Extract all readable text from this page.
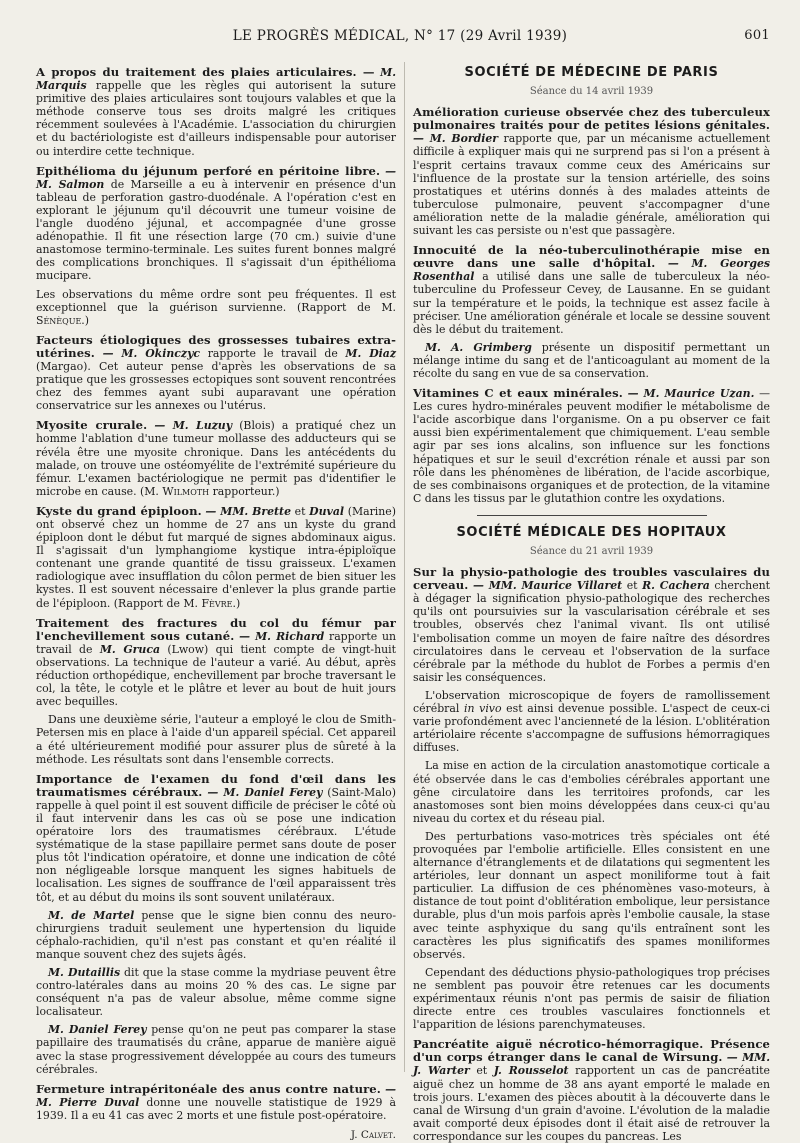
LE PROGRÈS MÉDICAL, N° 17 (29 Avril 1939)	601

A propos du traitement des plaies articulaires. — M. Marquis rappelle que les règles qui autorisent la suture primitive des plaies articulaires sont toujours valables et que la méthode conserve tous ses droits malgré les critiques récemment soulevées à l'Académie. L'association du chirurgien et du bactériologiste est d'ailleurs indispensable pour autoriser ou interdire cette technique.

Epithélioma du jéjunum perforé en péritoine libre. — M. Salmon de Marseille a eu à intervenir en présence d'un tableau de perforation gastro-duodénale. A l'opération c'est en explorant le jéjunum qu'il découvrit une tumeur voisine de l'angle duodéno jéjunal, et accompagnée d'une grosse adénopathie. Il fit une résection large (70 cm.) suivie d'une anastomose termino-terminale. Les suites furent bonnes malgré des complications bronchiques. Il s'agissait d'un épithélioma mucipare.

Les observations du même ordre sont peu fréquentes. Il est exceptionnel que la guérison survienne. (Rapport de M. Sénèque.)

Facteurs étiologiques des grossesses tubaires extra-utérines. — M. Okinczyc rapporte le travail de M. Diaz (Margao). Cet auteur pense d'après les observations de sa pratique que les grossesses ectopiques sont souvent rencontrées chez des femmes ayant subi auparavant une opération conservatrice sur les annexes ou l'utérus.

Myosite crurale. — M. Luzuy (Blois) a pratiqué chez un homme l'ablation d'une tumeur mollasse des adducteurs qui se révéla être une myosite chronique. Dans les antécédents du malade, on trouve une ostéomyélite de l'extrémité supérieure du fémur. L'examen bactériologique ne permit pas d'identifier le microbe en cause. (M. Wilmoth rapporteur.)

Kyste du grand épiploon. — MM. Brette et Duval (Marine) ont observé chez un homme de 27 ans un kyste du grand épiploon dont le début fut marqué de signes abdominaux aigus. Il s'agissait d'un lymphangiome kystique intra-épiploïque contenant une grande quantité de tissu graisseux. L'examen radiologique avec insufflation du côlon permet de bien situer les kystes. Il est souvent nécessaire d'enlever la plus grande partie de l'épiploon. (Rapport de M. Fèvre.)

Traitement des fractures du col du fémur par l'enchevillement sous cutané. — M. Richard rapporte un travail de M. Gruca (Lwow) qui tient compte de vingt-huit observations. La technique de l'auteur a varié. Au début, après réduction orthopédique, enchevillement par broche traversant le col, la tête, le cotyle et le plâtre et lever au bout de huit jours avec bequilles.

Dans une deuxième série, l'auteur a employé le clou de Smith-Petersen mis en place à l'aide d'un appareil spécial. Cet appareil a été ultérieurement modifié pour assurer plus de sûreté à la méthode. Les résultats sont dans l'ensemble corrects.

Importance de l'examen du fond d'œil dans les traumatismes cérébraux. — M. Daniel Ferey (Saint-Malo) rappelle à quel point il est souvent difficile de préciser le côté où il faut intervenir dans les cas où se pose une indication opératoire lors des traumatismes cérébraux. L'étude systématique de la stase papillaire permet sans doute de poser plus tôt l'indication opératoire, et donne une indication de côté non négligeable lorsque manquent les signes habituels de localisation. Les signes de souffrance de l'œil apparaissent très tôt, et au début du moins ils sont souvent unilatéraux.

M. de Martel pense que le signe bien connu des neuro-chirurgiens traduit seulement une hypertension du liquide céphalo-rachidien, qu'il n'est pas constant et qu'en réalité il manque souvent chez des sujets âgés.

M. Dutaillis dit que la stase comme la mydriase peuvent être contro-latérales dans au moins 20 % des cas. Le signe par conséquent n'a pas de valeur absolue, même comme signe localisateur.

M. Daniel Ferey pense qu'on ne peut pas comparer la stase papillaire des traumatisés du crâne, apparue de manière aiguë avec la stase progressivement développée au cours des tumeurs cérébrales.

Fermeture intrapéritonéale des anus contre nature. — M. Pierre Duval donne une nouvelle statistique de 1929 à 1939. Il a eu 41 cas avec 2 morts et une fistule post-opératoire.

J. Calvet.
SOCIÉTÉ DE MÉDECINE DE PARIS
Séance du 14 avril 1939

Amélioration curieuse observée chez des tuberculeux pulmonaires traités pour de petites lésions génitales. — M. Bordier rapporte que, par un mécanisme actuellement difficile à expliquer mais qui ne surprend pas si l'on a présent à l'esprit certains travaux comme ceux des Américains sur l'influence de la prostate sur la tension artérielle, des soins prostatiques et utérins donnés à des malades atteints de tuberculose pulmonaire, peuvent s'accompagner d'une amélioration nette de la maladie générale, amélioration qui suivant les cas persiste ou n'est que passagère.

Innocuité de la néo-tuberculinothérapie mise en œuvre dans une salle d'hôpital. — M. Georges Rosenthal a utilisé dans une salle de tuberculeux la néo-tuberculine du Professeur Cevey, de Lausanne. En se guidant sur la température et le poids, la technique est assez facile à préciser. Une amélioration générale et locale se dessine souvent dès le début du traitement.

M. A. Grimberg présente un dispositif permettant un mélange intime du sang et de l'anticoagulant au moment de la récolte du sang en vue de sa conservation.

Vitamines C et eaux minérales. — M. Maurice Uzan. — Les cures hydro-minérales peuvent modifier le métabolisme de l'acide ascorbique dans l'organisme. On a pu observer ce fait aussi bien expérimentalement que chimiquement. L'eau semble agir par ses ions alcalins, son influence sur les fonctions hépatiques et sur le seuil d'excrétion rénale et aussi par son rôle dans les phénomènes de libération, de l'acide ascorbique, de ses combinaisons organiques et de protection, de la vitamine C dans les tissus par le glutathion contre les oxydations.

SOCIÉTÉ MÉDICALE DES HOPITAUX
Séance du 21 avril 1939

Sur la physio-pathologie des troubles vasculaires du cerveau. — MM. Maurice Villaret et R. Cachera cherchent à dégager la signification physio-pathologique des recherches qu'ils ont poursuivies sur la vascularisation cérébrale et ses troubles, observés chez l'animal vivant. Ils ont utilisé l'embolisation comme un moyen de faire naître des désordres circulatoires dans le cerveau et l'observation de la surface cérébrale par la méthode du hublot de Forbes a permis d'en saisir les conséquences.

L'observation microscopique de foyers de ramollissement cérébral in vivo est ainsi devenue possible. L'aspect de ceux-ci varie profondément avec l'ancienneté de la lésion. L'oblitération artériolaire récente s'accompagne de suffusions hémorragiques diffuses.

La mise en action de la circulation anastomotique corticale a été observée dans le cas d'embolies cérébrales apportant une gêne circulatoire dans les territoires profonds, car les anastomoses sont bien moins développées dans ceux-ci qu'au niveau du cortex et du réseau pial.

Des perturbations vaso-motrices très spéciales ont été provoquées par l'embolie artificielle. Elles consistent en une alternance d'étranglements et de dilatations qui segmentent les artérioles, leur donnant un aspect moniliforme tout à fait particulier. La diffusion de ces phénomènes vaso-moteurs, à distance de tout point d'oblitération embolique, leur persistance durable, plus d'un mois parfois après l'embolie causale, la stase avec teinte asphyxique du sang qu'ils entraînent sont les caractères les plus significatifs des spames moniliformes observés.

Cependant des déductions physio-pathologiques trop précises ne semblent pas pouvoir être retenues car les documents expérimentaux réunis n'ont pas permis de saisir de filiation directe entre ces troubles vasculaires fonctionnels et l'apparition de lésions parenchymateuses.

Pancréatite aiguë nécrotico-hémorragique. Présence d'un corps étranger dans le canal de Wirsung. — MM. J. Warter et J. Rousselot rapportent un cas de pancréatite aiguë chez un homme de 38 ans ayant emporté le malade en trois jours. L'examen des pièces aboutit à la découverte dans le canal de Wirsung d'un grain d'avoine. L'évolution de la maladie avait comporté deux épisodes dont il était aisé de retrouver la correspondance sur les coupes du pancreas. Les
